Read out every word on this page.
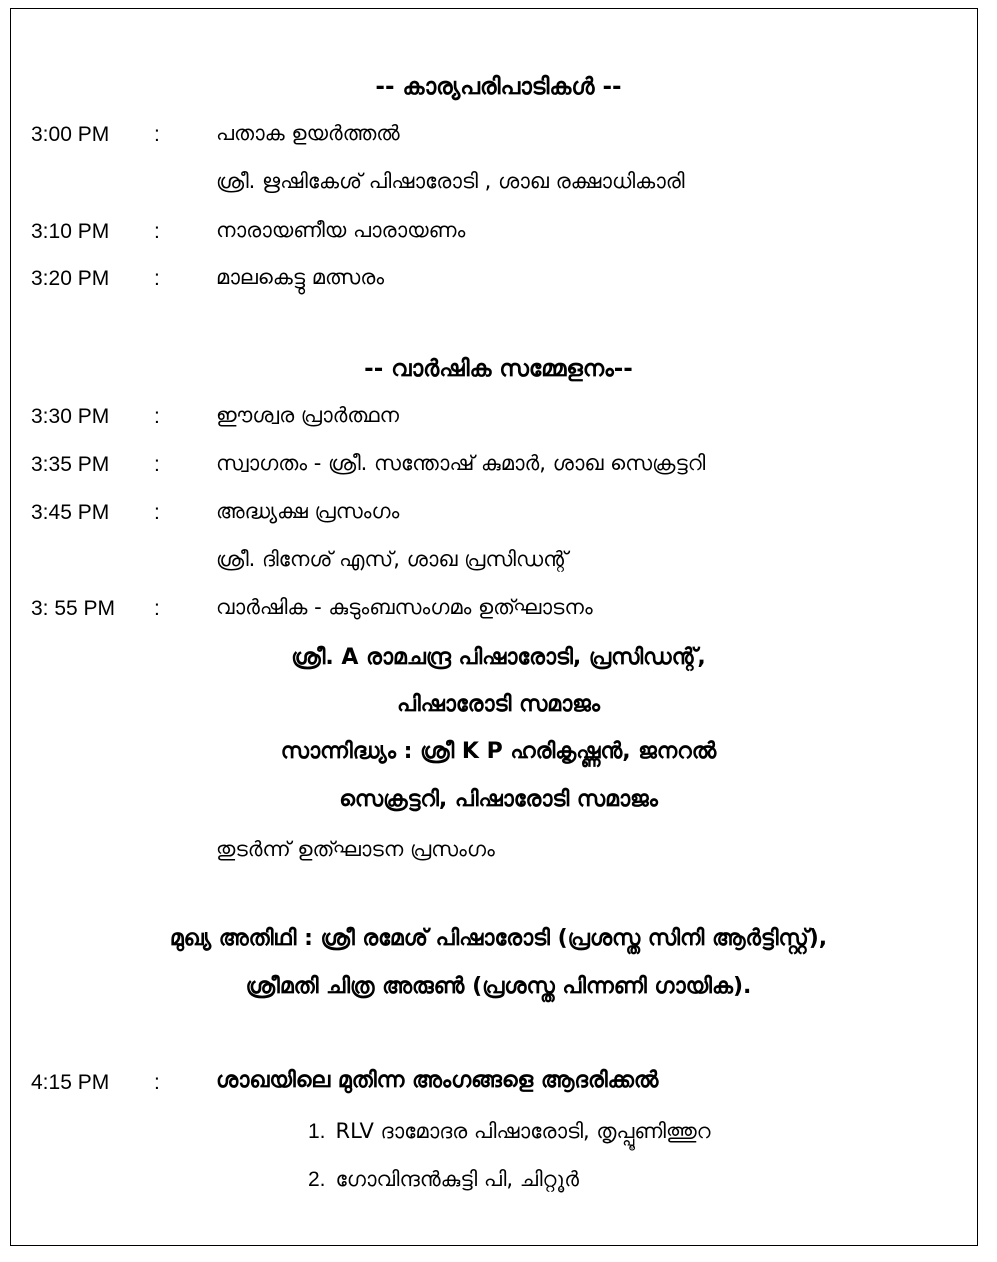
-- കാര്യപരിപാടികൾ --
3:00 PM :	പതാക ഉയർത്തൽ
ശ്രീ. ഋഷികേശ് പിഷാരോടി , ശാഖ രക്ഷാധികാരി
3:10 PM :	നാരായണീയ പാരായണം
3:20 PM :	മാലകെട്ടു മത്സരം
-- വാർഷിക സമ്മേളനം--
3:30 PM :	ഈശ്വര പ്രാർത്ഥന
3:35 PM :	സ്വാഗതം - ശ്രീ. സന്തോഷ് കുമാർ, ശാഖ സെക്രട്ടറി
3:45 PM :	അദ്ധ്യക്ഷ പ്രസംഗം
ശ്രീ. ദിനേശ് എസ്, ശാഖ പ്രസിഡന്റ്
3: 55 PM :	വാർഷിക - കുടുംബസംഗമം ഉത്ഘാടനം
ശ്രീ. A രാമചന്ദ്ര പിഷാരോടി, പ്രസിഡന്റ്,
പിഷാരോടി സമാജം
സാന്നിദ്ധ്യം : ശ്രീ K P ഹരികൃഷ്ണൻ, ജനറൽ
സെക്രട്ടറി, പിഷാരോടി സമാജം
തുടർന്ന് ഉത്ഘാടന പ്രസംഗം
മുഖ്യ അതിഥി : ശ്രീ രമേശ് പിഷാരോടി (പ്രശസ്ത സിനി ആർട്ടിസ്റ്റ്),
ശ്രീമതി ചിത്ര അരുൺ (പ്രശസ്ത പിന്നണി ഗായിക).
4:15 PM :	ശാഖയിലെ മുതിന്ന അംഗങ്ങളെ ആദരിക്കൽ
1. RLV ദാമോദര പിഷാരോടി, തൃപ്പൂണിത്തുറ
2. ഗോവിന്ദൻകുട്ടി പി, ചിറ്റൂർ
